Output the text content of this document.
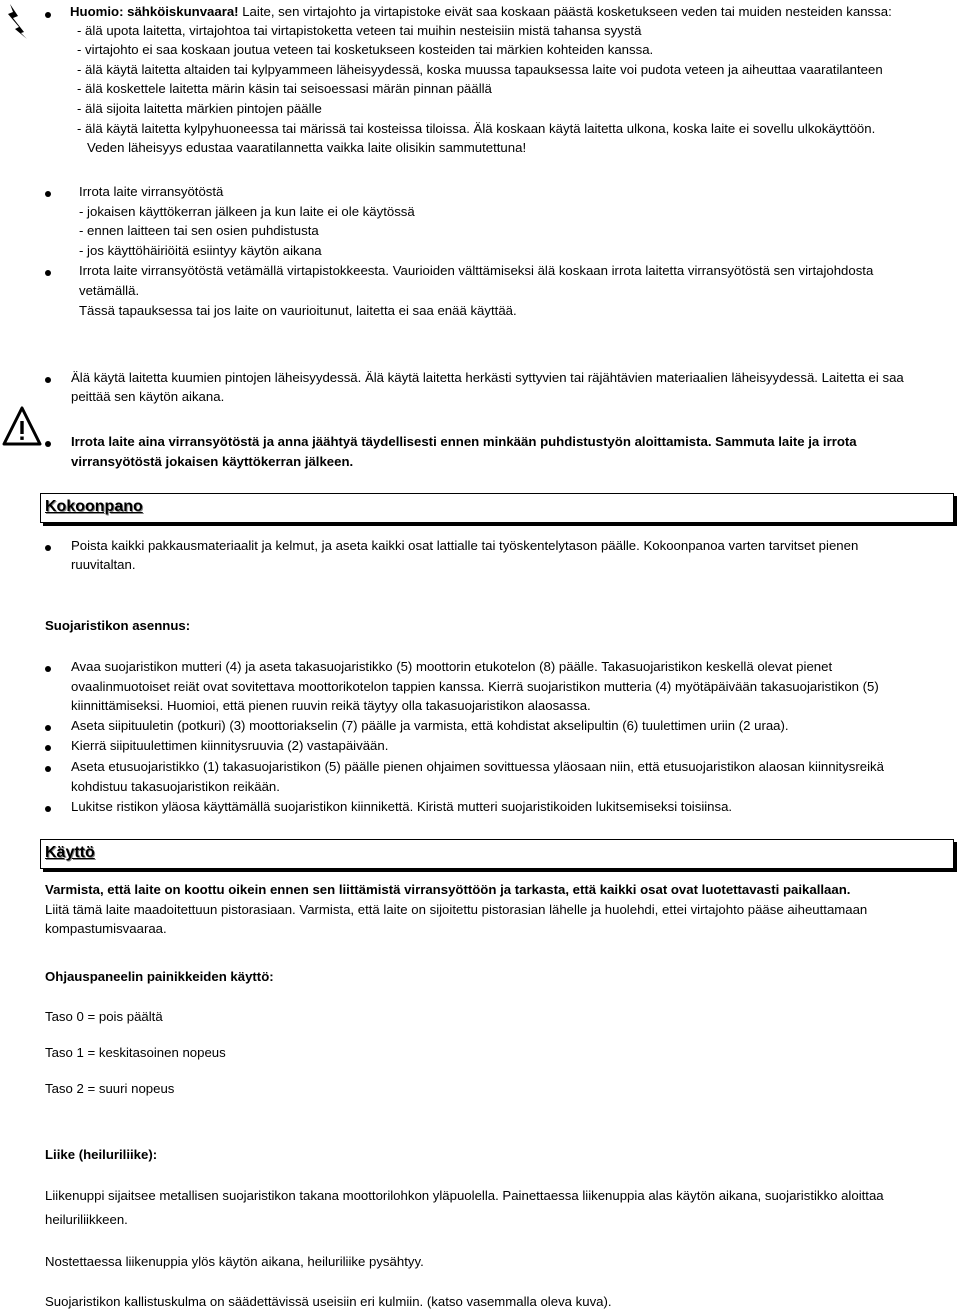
Huomio: sähköiskunvaara! Laite, sen virtajohto ja virtapistoke eivät saa koskaan päästä kosketukseen veden tai muiden nesteiden kanssa:
- älä upota laitetta, virtajohtoa tai virtapistoketta veteen tai muihin nesteisiin mistä tahansa syystä
- virtajohto ei saa koskaan joutua veteen tai kosketukseen kosteiden tai märkien kohteiden kanssa.
- älä käytä laitetta altaiden tai kylpyammeen läheisyydessä, koska muussa tapauksessa laite voi pudota veteen ja aiheuttaa vaaratilanteen
- älä koskettele laitetta märin käsin tai seisoessasi märän pinnan päällä
- älä sijoita laitetta märkien pintojen päälle
- älä käytä laitetta kylpyhuoneessa tai märissä tai kosteissa tiloissa. Älä koskaan käytä laitetta ulkona, koska laite ei sovellu ulkokäyttöön.
Veden läheisyys edustaa vaaratilannetta vaikka laite olisikin sammutettuna!
Irrota laite virransyötöstä
- jokaisen käyttökerran jälkeen ja kun laite ei ole käytössä
- ennen laitteen tai sen osien puhdistusta
- jos käyttöhäiriöitä esiintyy käytön aikana
Irrota laite virransyötöstä vetämällä virtapistokkeesta. Vaurioiden välttämiseksi älä koskaan irrota laitetta virransyötöstä sen virtajohdosta
vetämällä.
Tässä tapauksessa tai jos laite on vaurioitunut, laitetta ei saa enää käyttää.
Älä käytä laitetta kuumien pintojen läheisyydessä. Älä käytä laitetta herkästi syttyvien tai räjähtävien materiaalien läheisyydessä. Laitetta ei saa
peittää sen käytön aikana.
Irrota laite aina virransyötöstä ja anna jäähtyä täydellisesti ennen minkään puhdistustyön aloittamista. Sammuta laite ja irrota
virransyötöstä jokaisen käyttökerran jälkeen.
Kokoonpano
Poista kaikki pakkausmateriaalit ja kelmut, ja aseta kaikki osat lattialle tai työskentelytason päälle. Kokoonpanoa varten tarvitset pienen
ruuvitaltan.
Suojaristikon asennus:
Avaa suojaristikon mutteri (4) ja aseta takasuojaristikko (5) moottorin etukotelon (8) päälle. Takasuojaristikon keskellä olevat pienet
ovaalinmuotoiset reiät ovat sovitettava moottorikotelon tappien kanssa. Kierrä suojaristikon mutteria (4) myötäpäivään takasuojaristikon (5)
kiinnittämiseksi. Huomioi, että pienen ruuvin reikä täytyy olla takasuojaristikon alaosassa.
Aseta siipituuletin (potkuri) (3) moottoriakselin (7) päälle ja varmista, että kohdistat akselipultin (6) tuulettimen uriin (2 uraa).
Kierrä siipituulettimen kiinnitysruuvia (2) vastapäivään.
Aseta etusuojaristikko (1) takasuojaristikon (5) päälle pienen ohjaimen sovittuessa yläosaan niin, että etusuojaristikon alaosan kiinnitysreikä
kohdistuu takasuojaristikon reikään.
Lukitse ristikon yläosa käyttämällä suojaristikon kiinnikettä. Kiristä mutteri suojaristikoiden lukitsemiseksi toisiinsa.
Käyttö
Varmista, että laite on koottu oikein ennen sen liittämistä virransyöttöön ja tarkasta, että kaikki osat ovat luotettavasti paikallaan.
Liitä tämä laite maadoitettuun pistorasiaan. Varmista, että laite on sijoitettu pistorasian lähelle ja huolehdi, ettei virtajohto pääse aiheuttamaan
kompastumisvaaraa.
Ohjauspaneelin painikkeiden käyttö:
Taso 0 = pois päältä
Taso 1 = keskitasoinen nopeus
Taso 2 = suuri nopeus
Liike (heiluriliike):
Liikenuppi sijaitsee metallisen suojaristikon takana moottorilohkon yläpuolella. Painettaessa liikenuppia alas käytön aikana, suojaristikko aloittaa
heiluriliikkeen.
Nostettaessa liikenuppia ylös käytön aikana, heiluriliike pysähtyy.
Suojaristikon kallistuskulma on säädettävissä useisiin eri kulmiin. (katso vasemmalla oleva kuva).
